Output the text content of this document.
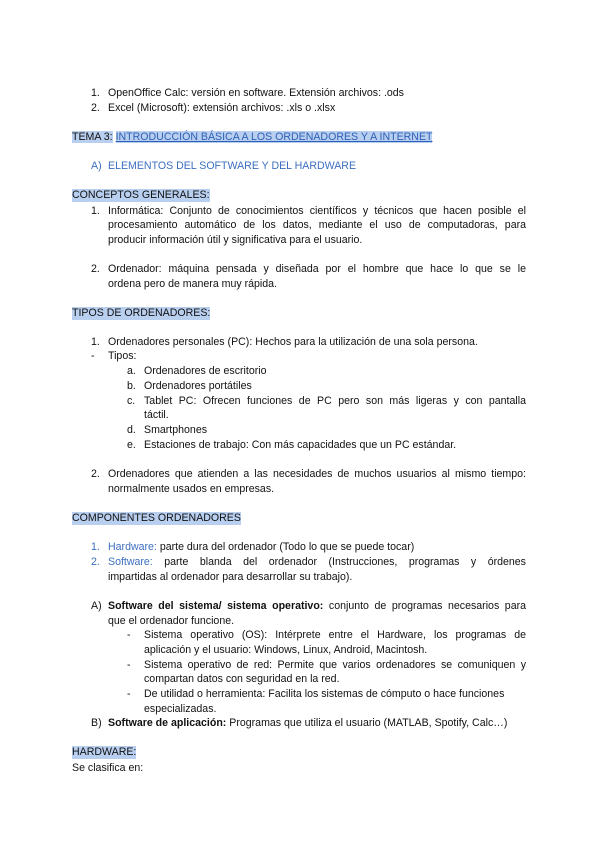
1. OpenOffice Calc: versión en software. Extensión archivos: .ods
2. Excel (Microsoft): extensión archivos: .xls o .xlsx
TEMA 3: INTRODUCCIÓN BÁSICA A LOS ORDENADORES Y A INTERNET
A) ELEMENTOS DEL SOFTWARE Y DEL HARDWARE
CONCEPTOS GENERALES:
1. Informática: Conjunto de conocimientos científicos y técnicos que hacen posible el
procesamiento automático de los datos, mediante el uso de computadoras, para
producir información útil y significativa para el usuario.
2. Ordenador: máquina pensada y diseñada por el hombre que hace lo que se le
ordena pero de manera muy rápida.
TIPOS DE ORDENADORES:
1. Ordenadores personales (PC): Hechos para la utilización de una sola persona.
- Tipos:
a. Ordenadores de escritorio
b. Ordenadores portátiles
c. Tablet PC: Ofrecen funciones de PC pero son más ligeras y con pantalla
táctil.
d. Smartphones
e. Estaciones de trabajo: Con más capacidades que un PC estándar.
2. Ordenadores que atienden a las necesidades de muchos usuarios al mismo tiempo:
normalmente usados en empresas.
COMPONENTES ORDENADORES
1. Hardware: parte dura del ordenador (Todo lo que se puede tocar)
2. Software: parte blanda del ordenador (Instrucciones, programas y órdenes
impartidas al ordenador para desarrollar su trabajo).
A) Software del sistema/ sistema operativo: conjunto de programas necesarios para
que el ordenador funcione.
- Sistema operativo (OS): Intérprete entre el Hardware, los programas de
aplicación y el usuario: Windows, Linux, Android, Macintosh.
- Sistema operativo de red: Permite que varios ordenadores se comuniquen y
compartan datos con seguridad en la red.
- De utilidad o herramienta: Facilita los sistemas de cómputo o hace funciones
especializadas.
B) Software de aplicación: Programas que utiliza el usuario (MATLAB, Spotify, Calc…)
HARDWARE:
Se clasifica en:
